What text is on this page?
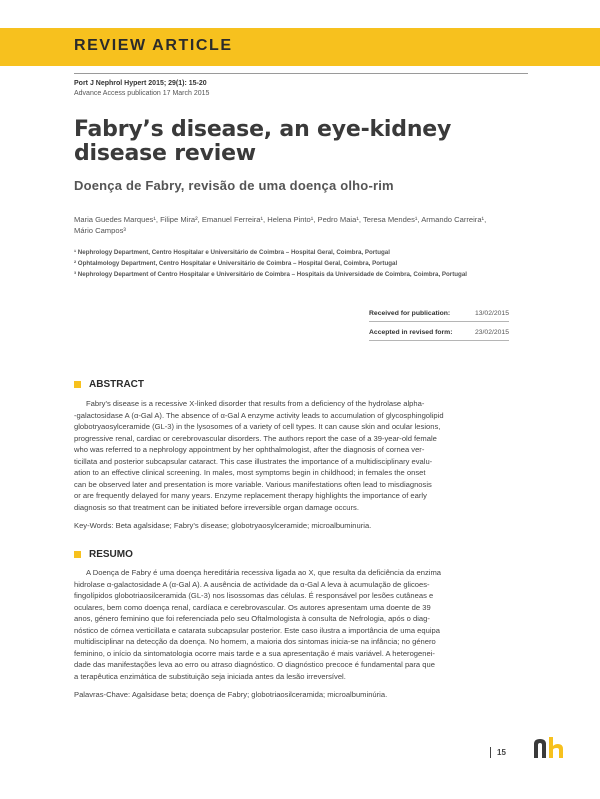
REVIEW ARTICLE
Port J Nephrol Hypert 2015; 29(1): 15-20
Advance Access publication 17 March 2015
Fabry’s disease, an eye-kidney disease review
Doença de Fabry, revisão de uma doença olho-rim
Maria Guedes Marques¹, Filipe Mira², Emanuel Ferreira¹, Helena Pinto¹, Pedro Maia¹, Teresa Mendes¹, Armando Carreira¹,
Mário Campos³
¹ Nephrology Department, Centro Hospitalar e Universitário de Coimbra – Hospital Geral, Coimbra, Portugal
² Ophtalmology Department, Centro Hospitalar e Universitário de Coimbra – Hospital Geral, Coimbra, Portugal
³ Nephrology Department of Centro Hospitalar e Universitário de Coimbra – Hospitais da Universidade de Coimbra, Coimbra, Portugal
Received for publication:	13/02/2015
Accepted in revised form:	23/02/2015
ABSTRACT
Fabry’s disease is a recessive X-linked disorder that results from a deficiency of the hydrolase alpha-
-galactosidase A (α-Gal A). The absence of α-Gal A enzyme activity leads to accumulation of glycosphingolipid
globotryaosylceramide (GL-3) in the lysosomes of a variety of cell types. It can cause skin and ocular lesions,
progressive renal, cardiac or cerebrovascular disorders. The authors report the case of a 39-year-old female
who was referred to a nephrology appointment by her ophthalmologist, after the diagnosis of cornea ver-
ticillata and posterior subcapsular cataract. This case illustrates the importance of a multidisciplinary evalu-
ation to an effective clinical screening. In males, most symptoms begin in childhood; in females the onset
can be observed later and presentation is more variable. Various manifestations often lead to misdiagnosis
or are frequently delayed for many years. Enzyme replacement therapy highlights the importance of early
diagnosis so that treatment can be initiated before irreversible organ damage occurs.
Key-Words: Beta agalsidase; Fabry’s disease; globotryaosylceramide; microalbuminuria.
RESUMO
A Doença de Fabry é uma doença hereditária recessiva ligada ao X, que resulta da deficiência da enzima
hidrolase α-galactosidade A (α-Gal A). A ausência de actividade da α-Gal A leva à acumulação de glicoes-
fingolípidos globotriaosilceramida (GL-3) nos lisossomas das células. É responsável por lesões cutâneas e
oculares, bem como doença renal, cardíaca e cerebrovascular. Os autores apresentam uma doente de 39
anos, género feminino que foi referenciada pelo seu Oftalmologista à consulta de Nefrologia, após o diag-
nóstico de córnea verticillata e catarata subcapsular posterior. Este caso ilustra a importância de uma equipa
multidisciplinar na detecção da doença. No homem, a maioria dos sintomas inicia-se na infância; no género
feminino, o início da sintomatologia ocorre mais tarde e a sua apresentação é mais variável. A heterogenei-
dade das manifestações leva ao erro ou atraso diagnóstico. O diagnóstico precoce é fundamental para que
a terapêutica enzimática de substituição seja iniciada antes da lesão irreversível.
Palavras-Chave: Agalsidase beta; doença de Fabry; globotriaosilceramida; microalbuminúria.
15
